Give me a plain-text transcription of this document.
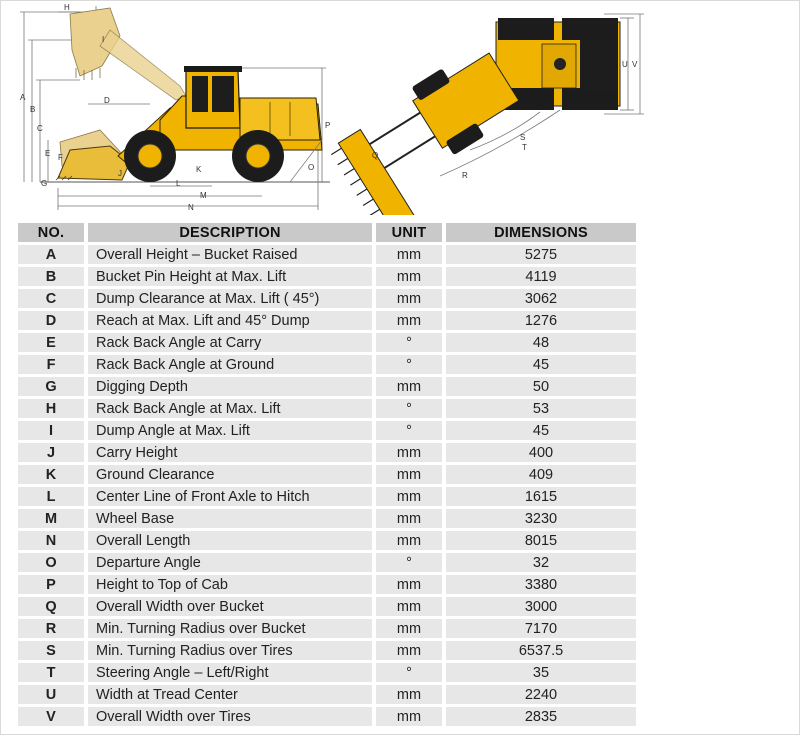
A
B
C
D
E F
G
H
I
J	K
L
M
N
O
P
Q
R
S
T
U V
NO.	DESCRIPTION	UNIT	DIMENSIONS
A	Overall Height – Bucket Raised	mm	5275
B	Bucket Pin Height at Max. Lift	mm	4119
C	Dump Clearance at Max. Lift ( 45°)	mm	3062
D	Reach at Max. Lift and 45° Dump	mm	1276
E	Rack Back Angle at Carry	°	48
F	Rack Back Angle at Ground	°	45
G	Digging Depth	mm	50
H	Rack Back Angle at Max. Lift	°	53
I	Dump Angle at Max. Lift	°	45
J	Carry Height	mm	400
K	Ground Clearance	mm	409
L	Center Line of Front Axle to Hitch	mm	1615
M	Wheel Base	mm	3230
N	Overall Length	mm	8015
O	Departure Angle	°	32
P	Height to Top of Cab	mm	3380
Q	Overall Width over Bucket	mm	3000
R	Min. Turning Radius over Bucket	mm	7170
S	Min. Turning Radius over Tires	mm	6537.5
T	Steering Angle – Left/Right	°	35
U	Width at Tread Center	mm	2240
V	Overall Width over Tires	mm	2835
